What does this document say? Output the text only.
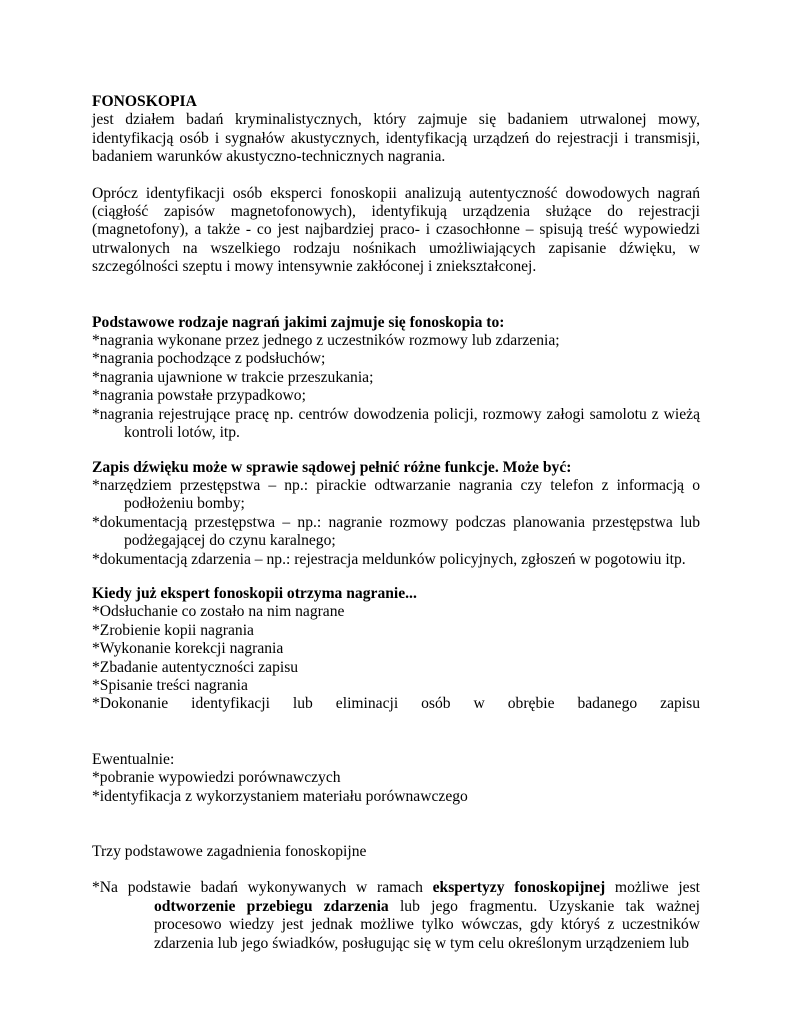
FONOSKOPIA

jest działem badań kryminalistycznych, który zajmuje się badaniem utrwalonej mowy, identyfikacją osób i sygnałów akustycznych, identyfikacją urządzeń do rejestracji i transmisji, badaniem warunków akustyczno-technicznych nagrania.

Oprócz identyfikacji osób eksperci fonoskopii analizują autentyczność dowodowych nagrań (ciągłość zapisów magnetofonowych), identyfikują urządzenia służące do rejestracji (magnetofony), a także - co jest najbardziej praco- i czasochłonne – spisują treść wypowiedzi utrwalonych na wszelkiego rodzaju nośnikach umożliwiających zapisanie dźwięku, w szczególności szeptu i mowy intensywnie zakłóconej i zniekształconej.

Podstawowe rodzaje nagrań jakimi zajmuje się fonoskopia to:

*nagrania wykonane przez jednego z uczestników rozmowy lub zdarzenia;

*nagrania pochodzące z podsłuchów;

*nagrania ujawnione w trakcie przeszukania;

*nagrania powstałe przypadkowo;

*nagrania rejestrujące pracę np. centrów dowodzenia policji, rozmowy załogi samolotu z wieżą kontroli lotów, itp.

Zapis dźwięku może w sprawie sądowej pełnić różne funkcje. Może być:

*narzędziem przestępstwa – np.: pirackie odtwarzanie nagrania czy telefon z informacją o podłożeniu bomby;

*dokumentacją przestępstwa – np.: nagranie rozmowy podczas planowania przestępstwa lub podżegającej do czynu karalnego;

*dokumentacją zdarzenia – np.: rejestracja meldunków policyjnych, zgłoszeń w pogotowiu itp.

Kiedy już ekspert fonoskopii otrzyma nagranie...

*Odsłuchanie co zostało na nim nagrane

*Zrobienie kopii nagrania

*Wykonanie korekcji nagrania

*Zbadanie autentyczności zapisu

*Spisanie treści nagrania

*Dokonanie identyfikacji lub eliminacji osób w obrębie badanego zapisu

Ewentualnie:

*pobranie wypowiedzi porównawczych

*identyfikacja z wykorzystaniem materiału porównawczego

Trzy podstawowe zagadnienia fonoskopijne

*Na podstawie badań wykonywanych w ramach ekspertyzy fonoskopijnej możliwe jest odtworzenie przebiegu zdarzenia lub jego fragmentu. Uzyskanie tak ważnej procesowo wiedzy jest jednak możliwe tylko wówczas, gdy któryś z uczestników zdarzenia lub jego świadków, posługując się w tym celu określonym urządzeniem lub
